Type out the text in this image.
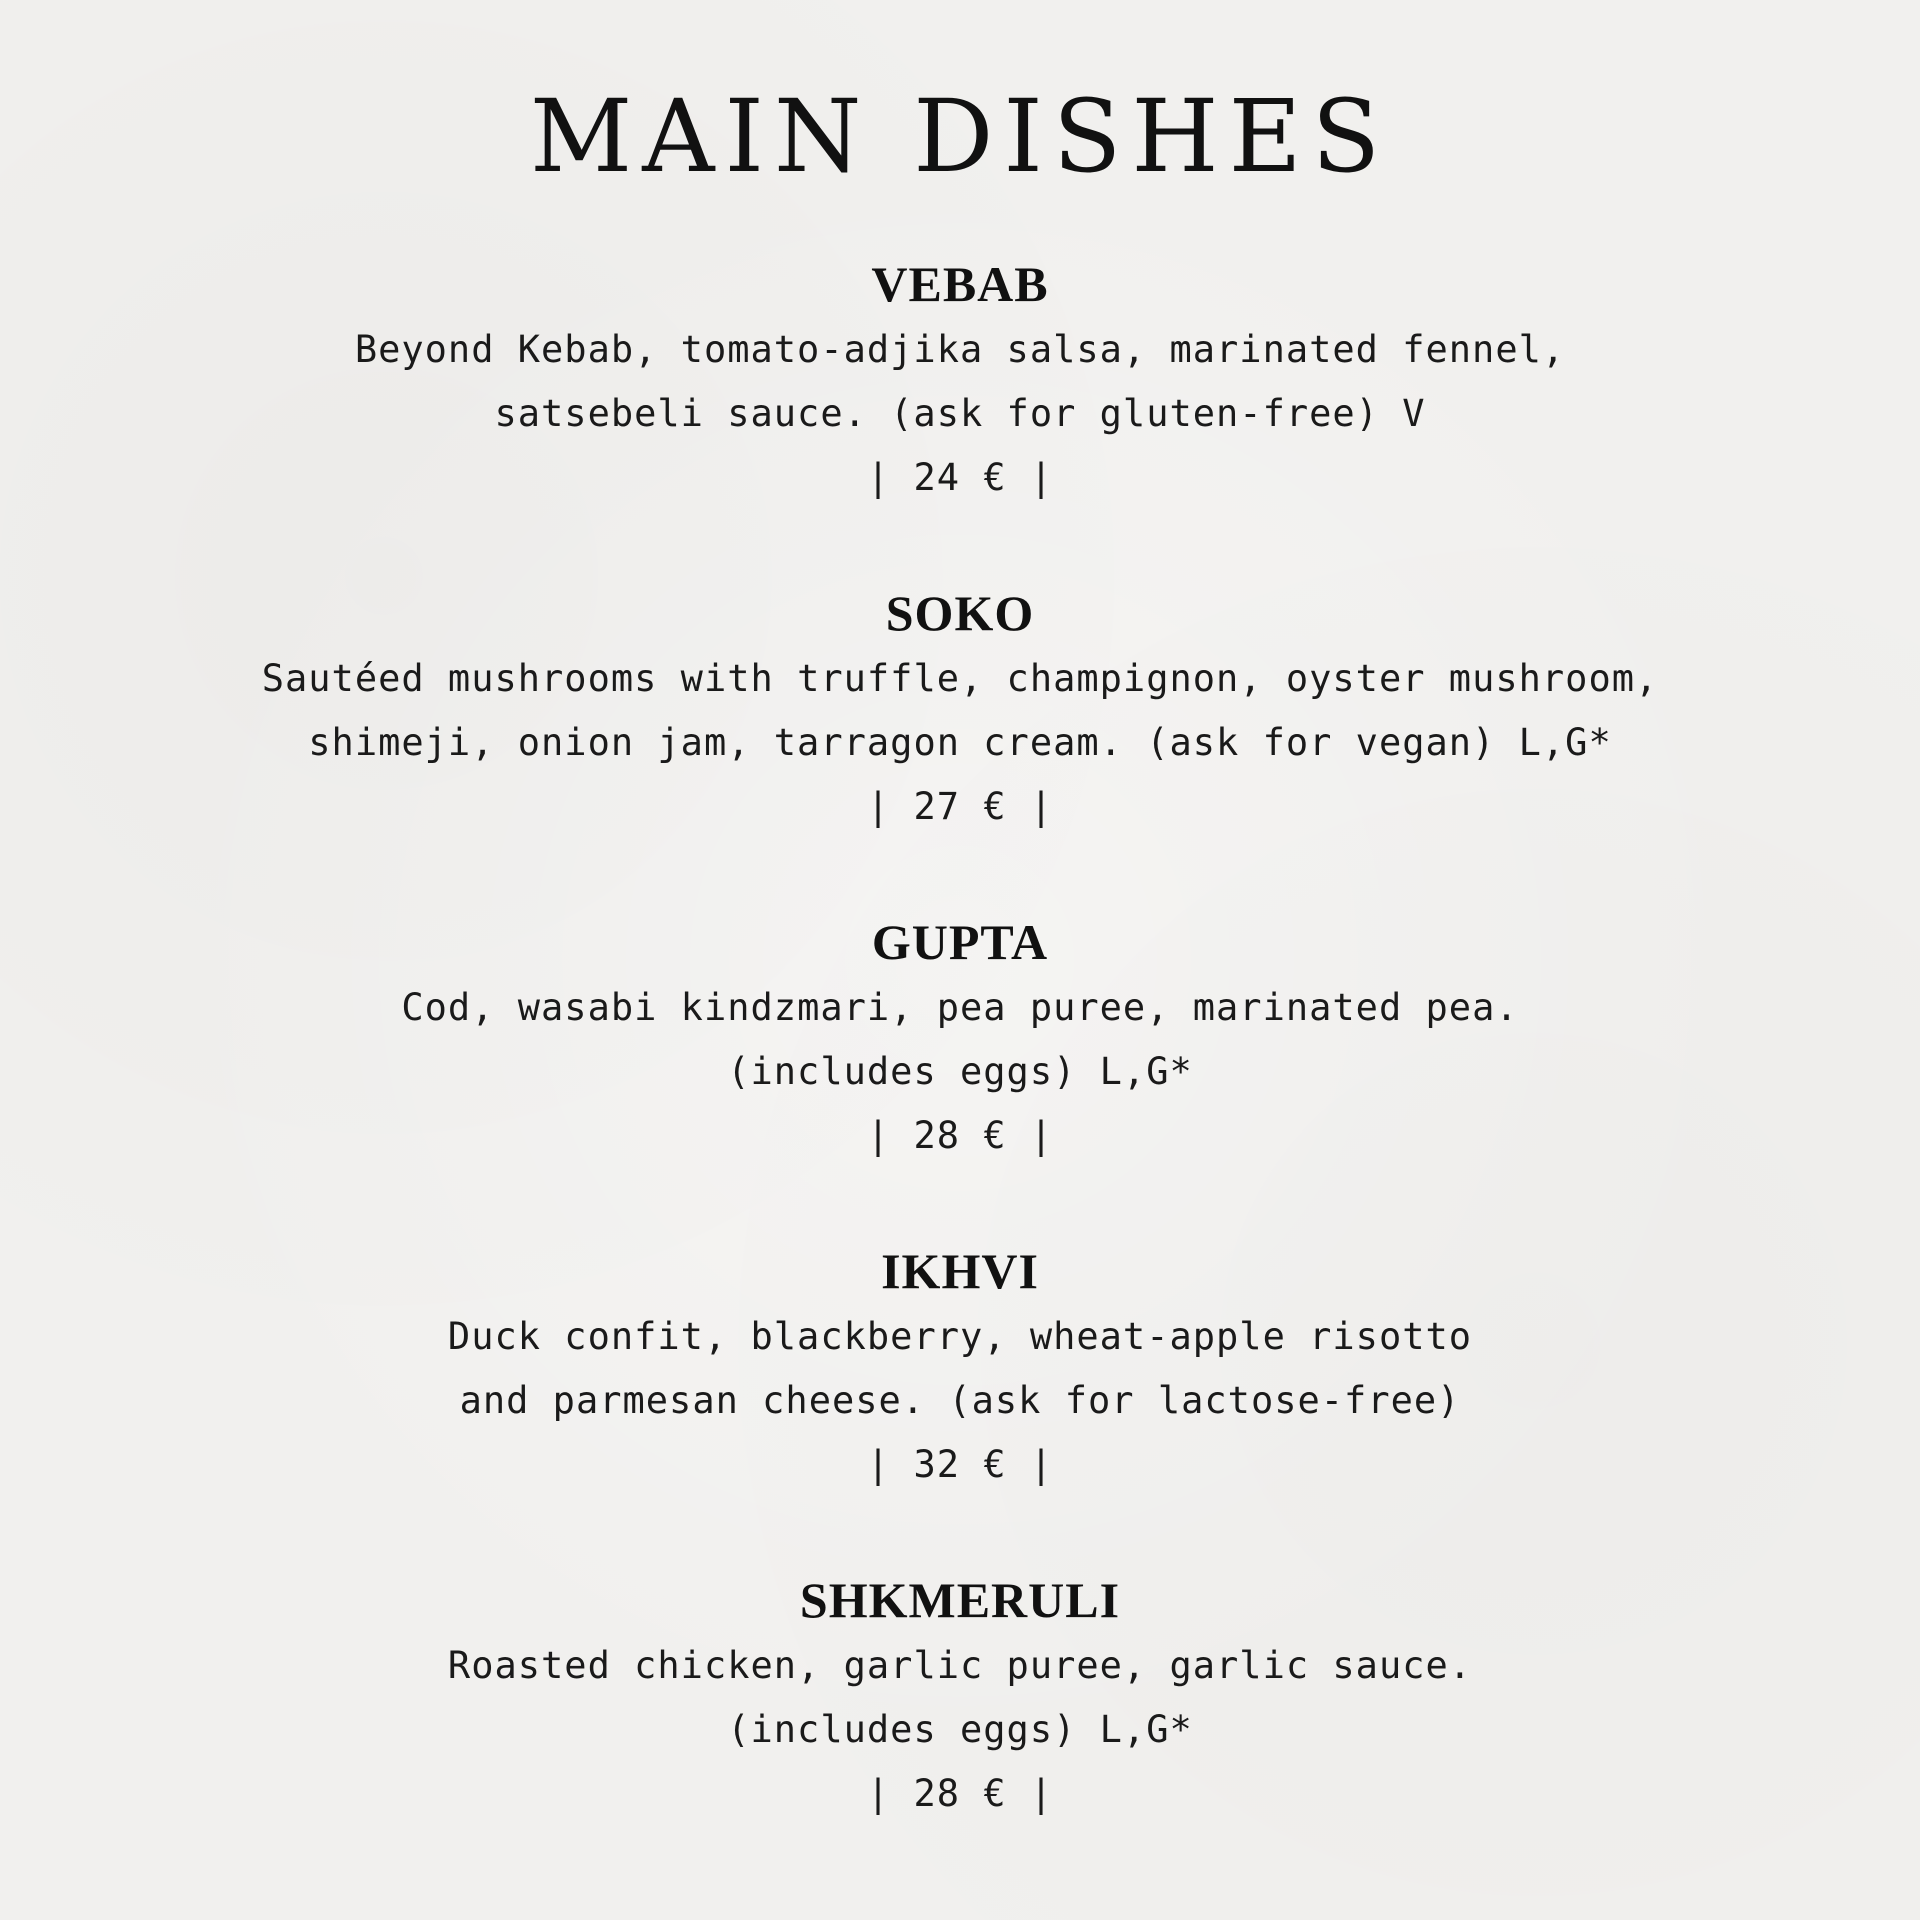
MAIN DISHES
VEBAB
Beyond Kebab, tomato-adjika salsa, marinated fennel,
satsebeli sauce. (ask for gluten-free) V
| 24 € |
SOKO
Sautéed mushrooms with truffle, champignon, oyster mushroom,
shimeji, onion jam, tarragon cream. (ask for vegan) L,G*
| 27 € |
GUPTA
Cod, wasabi kindzmari, pea puree, marinated pea.
(includes eggs) L,G*
| 28 € |
IKHVI
Duck confit, blackberry, wheat-apple risotto
and parmesan cheese. (ask for lactose-free)
| 32 € |
SHKMERULI
Roasted chicken, garlic puree, garlic sauce.
(includes eggs) L,G*
| 28 € |
